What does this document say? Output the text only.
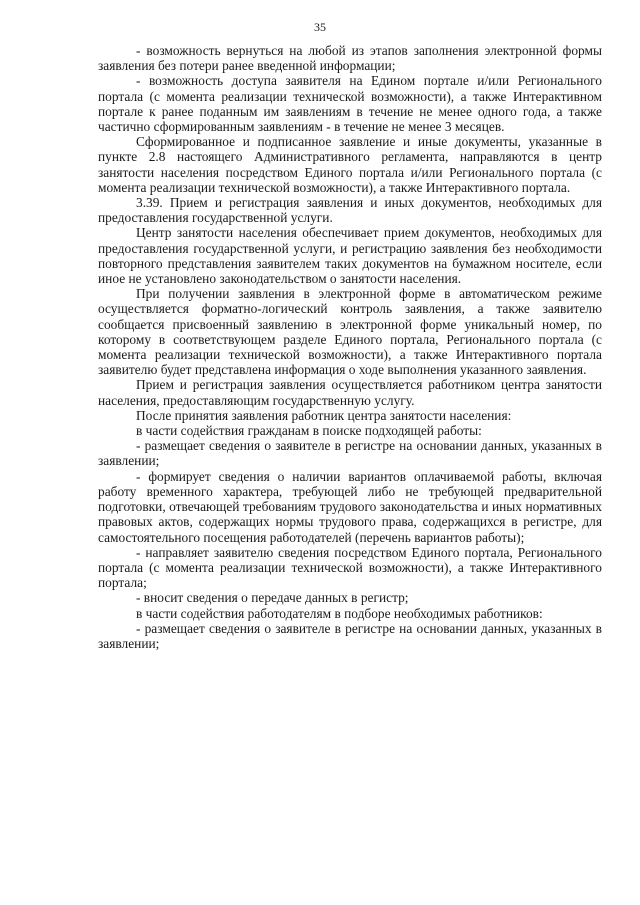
35

- возможность вернуться на любой из этапов заполнения электронной формы заявления без потери ранее введенной информации;

- возможность доступа заявителя на Едином портале и/или Регионального портала (с момента реализации технической возможности), а также Интерактивном портале к ранее поданным им заявлениям в течение не менее одного года, а также частично сформированным заявлениям - в течение не менее 3 месяцев.

Сформированное и подписанное заявление и иные документы, указанные в пункте 2.8 настоящего Административного регламента, направляются в центр занятости населения посредством Единого портала и/или Регионального портала (с момента реализации технической возможности), а также Интерактивного портала.

3.39. Прием и регистрация заявления и иных документов, необходимых для предоставления государственной услуги.

Центр занятости населения обеспечивает прием документов, необходимых для предоставления государственной услуги, и регистрацию заявления без необходимости повторного представления заявителем таких документов на бумажном носителе, если иное не установлено законодательством о занятости населения.

При получении заявления в электронной форме в автоматическом режиме осуществляется форматно-логический контроль заявления, а также заявителю сообщается присвоенный заявлению в электронной форме уникальный номер, по которому в соответствующем разделе Единого портала, Регионального портала (с момента реализации технической возможности), а также Интерактивного портала заявителю будет представлена информация о ходе выполнения указанного заявления.

Прием и регистрация заявления осуществляется работником центра занятости населения, предоставляющим государственную услугу.

После принятия заявления работник центра занятости населения:

в части содействия гражданам в поиске подходящей работы:

- размещает сведения о заявителе в регистре на основании данных, указанных в заявлении;

- формирует сведения о наличии вариантов оплачиваемой работы, включая работу временного характера, требующей либо не требующей предварительной подготовки, отвечающей требованиям трудового законодательства и иных нормативных правовых актов, содержащих нормы трудового права, содержащихся в регистре, для самостоятельного посещения работодателей (перечень вариантов работы);

- направляет заявителю сведения посредством Единого портала, Регионального портала (с момента реализации технической возможности), а также Интерактивного портала;

- вносит сведения о передаче данных в регистр;

в части содействия работодателям в подборе необходимых работников:

- размещает сведения о заявителе в регистре на основании данных, указанных в заявлении;
